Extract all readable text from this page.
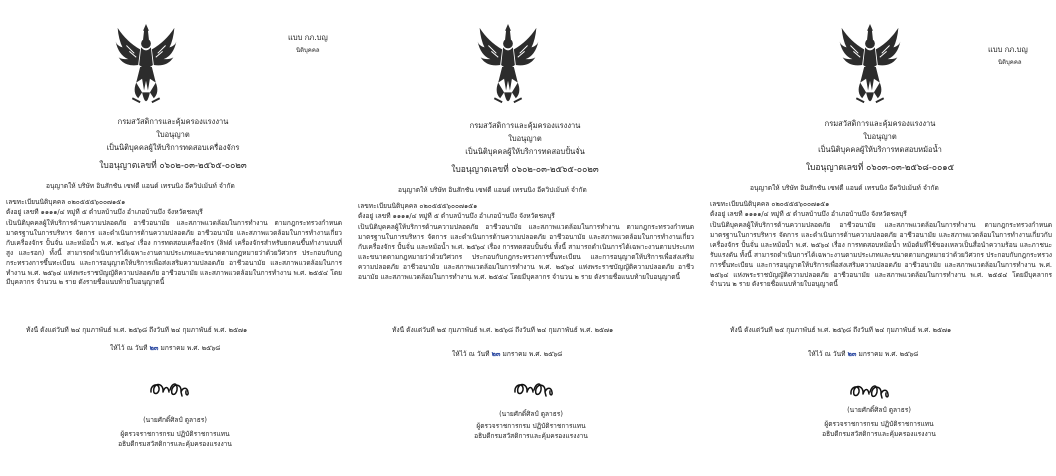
แบบ กภ.บญ
นิติบุคคล
กรมสวัสดิการและคุ้มครองแรงงาน
ใบอนุญาต
เป็นนิติบุคคลผู้ให้บริการทดสอบเครื่องจักร
ใบอนุญาตเลขที่ ๐๖๐๒-๐๓-๒๕๖๕-๐๐๒๓
อนุญาตให้ บริษัท อินสักชั่น เซฟตี้ แอนด์ เทรนนิ่ง อีควิปเม้นท์ จำกัด
เลขทะเบียนนิติบุคคล ๐๒๐๕๕๕๖๐๐๗๑๕๑
ตั้งอยู่ เลขที่ ๑๑๑๑/๔ หมู่ที่ ๕ ตำบลบ้านบึง อำเภอบ้านบึง จังหวัดชลบุรี
เป็นนิติบุคคลผู้ให้บริการด้านความปลอดภัย อาชีวอนามัย และสภาพแวดล้อมในการทำงาน ตามกฎกระทรวงกำหนดมาตรฐานในการบริหาร จัดการ และดำเนินการด้านความปลอดภัย อาชีวอนามัย และสภาพแวดล้อมในการทำงานเกี่ยวกับเครื่องจักร ปั้นจั่น และหม้อน้ำ พ.ศ. ๒๕๖๔ เรื่อง การทดสอบเครื่องจักร (ลิฟต์ เครื่องจักรสำหรับยกคนขึ้นทำงานบนที่สูง และรอก) ทั้งนี้ สามารถดำเนินการได้เฉพาะงานตามประเภทและขนาดตามกฎหมายว่าด้วยวิศวกร ประกอบกับกฎกระทรวงการขึ้นทะเบียน และการอนุญาตให้บริการเพื่อส่งเสริมความปลอดภัย อาชีวอนามัย และสภาพแวดล้อมในการทำงาน พ.ศ. ๒๕๖๔ แห่งพระราชบัญญัติความปลอดภัย อาชีวอนามัย และสภาพแวดล้อมในการทำงาน พ.ศ. ๒๕๕๔ โดยมีบุคลากร จำนวน ๒ ราย ดังรายชื่อแนบท้ายใบอนุญาตนี้
ทั้งนี้ ตั้งแต่วันที่ ๒๔ กุมภาพันธ์ พ.ศ. ๒๕๖๘ ถึงวันที่ ๒๔ กุมภาพันธ์ พ.ศ. ๒๕๗๑
ให้ไว้ ณ วันที่ ๒๓ มกราคม พ.ศ. ๒๕๖๘
(นายศักดิ์ศิลป์ ตูลาธร)
ผู้ตรวจราชการกรม ปฏิบัติราชการแทน
อธิบดีกรมสวัสดิการและคุ้มครองแรงงาน
กรมสวัสดิการและคุ้มครองแรงงาน
ใบอนุญาต
เป็นนิติบุคคลผู้ให้บริการทดสอบปั้นจั่น
ใบอนุญาตเลขที่ ๐๖๐๒-๐๓-๒๕๖๕-๐๐๒๓
อนุญาตให้ บริษัท อินสักชั่น เซฟตี้ แอนด์ เทรนนิ่ง อีควิปเม้นท์ จำกัด
เลขทะเบียนนิติบุคคล ๐๒๐๕๕๕๖๐๐๗๑๕๑
ตั้งอยู่ เลขที่ ๑๑๑๑/๔ หมู่ที่ ๕ ตำบลบ้านบึง อำเภอบ้านบึง จังหวัดชลบุรี
เป็นนิติบุคคลผู้ให้บริการด้านความปลอดภัย อาชีวอนามัย และสภาพแวดล้อมในการทำงาน ตามกฎกระทรวงกำหนดมาตรฐานในการบริหาร จัดการ และดำเนินการด้านความปลอดภัย อาชีวอนามัย และสภาพแวดล้อมในการทำงานเกี่ยวกับเครื่องจักร ปั้นจั่น และหม้อน้ำ พ.ศ. ๒๕๖๔ เรื่อง การทดสอบปั้นจั่น ทั้งนี้ สามารถดำเนินการได้เฉพาะงานตามประเภทและขนาดตามกฎหมายว่าด้วยวิศวกร ประกอบกับกฎกระทรวงการขึ้นทะเบียน และการอนุญาตให้บริการเพื่อส่งเสริมความปลอดภัย อาชีวอนามัย และสภาพแวดล้อมในการทำงาน พ.ศ. ๒๕๖๔ แห่งพระราชบัญญัติความปลอดภัย อาชีวอนามัย และสภาพแวดล้อมในการทำงาน พ.ศ. ๒๕๕๔ โดยมีบุคลากร จำนวน ๒ ราย ดังรายชื่อแนบท้ายใบอนุญาตนี้
ทั้งนี้ ตั้งแต่วันที่ ๒๕ กุมภาพันธ์ พ.ศ. ๒๕๖๘ ถึงวันที่ ๒๔ กุมภาพันธ์ พ.ศ. ๒๕๗๑
ให้ไว้ ณ วันที่ ๒๓ มกราคม พ.ศ. ๒๕๖๘
(นายศักดิ์ศิลป์ ตูลาธร)
ผู้ตรวจราชการกรม ปฏิบัติราชการแทน
อธิบดีกรมสวัสดิการและคุ้มครองแรงงาน
แบบ กภ.บญ
นิติบุคคล
กรมสวัสดิการและคุ้มครองแรงงาน
ใบอนุญาต
เป็นนิติบุคคลผู้ให้บริการทดสอบหม้อน้ำ
ใบอนุญาตเลขที่ ๐๖๐๓-๐๓-๒๕๖๘-๐๐๑๕
อนุญาตให้ บริษัท อินสักชั่น เซฟตี้ แอนด์ เทรนนิ่ง อีควิปเม้นท์ จำกัด
เลขทะเบียนนิติบุคคล ๐๒๐๕๕๕๖๐๐๗๑๕๑
ตั้งอยู่ เลขที่ ๑๑๑๑/๔ หมู่ที่ ๕ ตำบลบ้านบึง อำเภอบ้านบึง จังหวัดชลบุรี
เป็นนิติบุคคลผู้ให้บริการด้านความปลอดภัย อาชีวอนามัย และสภาพแวดล้อมในการทำงาน ตามกฎกระทรวงกำหนดมาตรฐานในการบริหาร จัดการ และดำเนินการด้านความปลอดภัย อาชีวอนามัย และสภาพแวดล้อมในการทำงานเกี่ยวกับเครื่องจักร ปั้นจั่น และหม้อน้ำ พ.ศ. ๒๕๖๔ เรื่อง การทดสอบหม้อน้ำ หม้อต้มที่ใช้ของเหลวเป็นสื่อนำความร้อน และภาชนะรับแรงดัน ทั้งนี้ สามารถดำเนินการได้เฉพาะงานตามประเภทและขนาดตามกฎหมายว่าด้วยวิศวกร ประกอบกับกฎกระทรวงการขึ้นทะเบียน และการอนุญาตให้บริการเพื่อส่งเสริมความปลอดภัย อาชีวอนามัย และสภาพแวดล้อมในการทำงาน พ.ศ. ๒๕๖๔ แห่งพระราชบัญญัติความปลอดภัย อาชีวอนามัย และสภาพแวดล้อมในการทำงาน พ.ศ. ๒๕๕๔ โดยมีบุคลากร จำนวน ๒ ราย ดังรายชื่อแนบท้ายใบอนุญาตนี้
ทั้งนี้ ตั้งแต่วันที่ ๒๕ กุมภาพันธ์ พ.ศ. ๒๕๖๘ ถึงวันที่ ๒๔ กุมภาพันธ์ พ.ศ. ๒๕๗๑
ให้ไว้ ณ วันที่ ๒๓ มกราคม พ.ศ. ๒๕๖๘
(นายศักดิ์ศิลป์ ตูลาธร)
ผู้ตรวจราชการกรม ปฏิบัติราชการแทน
อธิบดีกรมสวัสดิการและคุ้มครองแรงงาน
